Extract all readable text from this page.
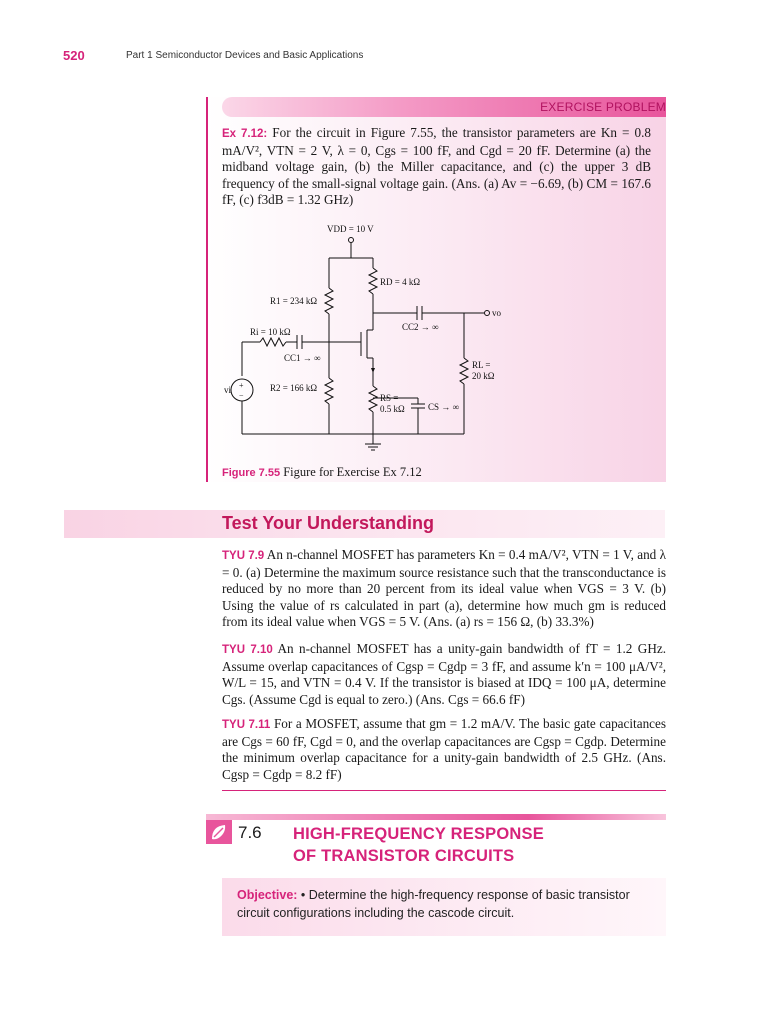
520	Part 1 Semiconductor Devices and Basic Applications
EXERCISE PROBLEM
Ex 7.12: For the circuit in Figure 7.55, the transistor parameters are Kn = 0.8 mA/V², VTN = 2 V, λ = 0, Cgs = 100 fF, and Cgd = 20 fF. Determine (a) the midband voltage gain, (b) the Miller capacitance, and (c) the upper 3 dB frequency of the small-signal voltage gain. (Ans. (a) Av = −6.69, (b) CM = 167.6 fF, (c) f3dB = 1.32 GHz)
VDD = 10 V
RD = 4 kΩ
R1 = 234 kΩ
CC2 → ∞
vo
Ri = 10 kΩ
CC1 → ∞
RL =
20 kΩ
vi +
−
R2 = 166 kΩ
RS =
0.5 kΩ	CS → ∞
Figure 7.55 Figure for Exercise Ex 7.12
Test Your Understanding

TYU 7.9 An n-channel MOSFET has parameters Kn = 0.4 mA/V², VTN = 1 V, and λ = 0. (a) Determine the maximum source resistance such that the transconductance is reduced by no more than 20 percent from its ideal value when VGS = 3 V. (b) Using the value of rs calculated in part (a), determine how much gm is reduced from its ideal value when VGS = 5 V. (Ans. (a) rs = 156 Ω, (b) 33.3%)

TYU 7.10 An n-channel MOSFET has a unity-gain bandwidth of fT = 1.2 GHz. Assume overlap capacitances of Cgsp = Cgdp = 3 fF, and assume k′n = 100 μA/V², W/L = 15, and VTN = 0.4 V. If the transistor is biased at IDQ = 100 μA, determine Cgs. (Assume Cgd is equal to zero.) (Ans. Cgs = 66.6 fF)

TYU 7.11 For a MOSFET, assume that gm = 1.2 mA/V. The basic gate capacitances are Cgs = 60 fF, Cgd = 0, and the overlap capacitances are Cgsp = Cgdp. Determine the minimum overlap capacitance for a unity-gain bandwidth of 2.5 GHz. (Ans. Cgsp = Cgdp = 8.2 fF)

7.6 HIGH-FREQUENCY RESPONSE
OF TRANSISTOR CIRCUITS
Objective: • Determine the high-frequency response of basic transistor circuit configurations including the cascode circuit.
